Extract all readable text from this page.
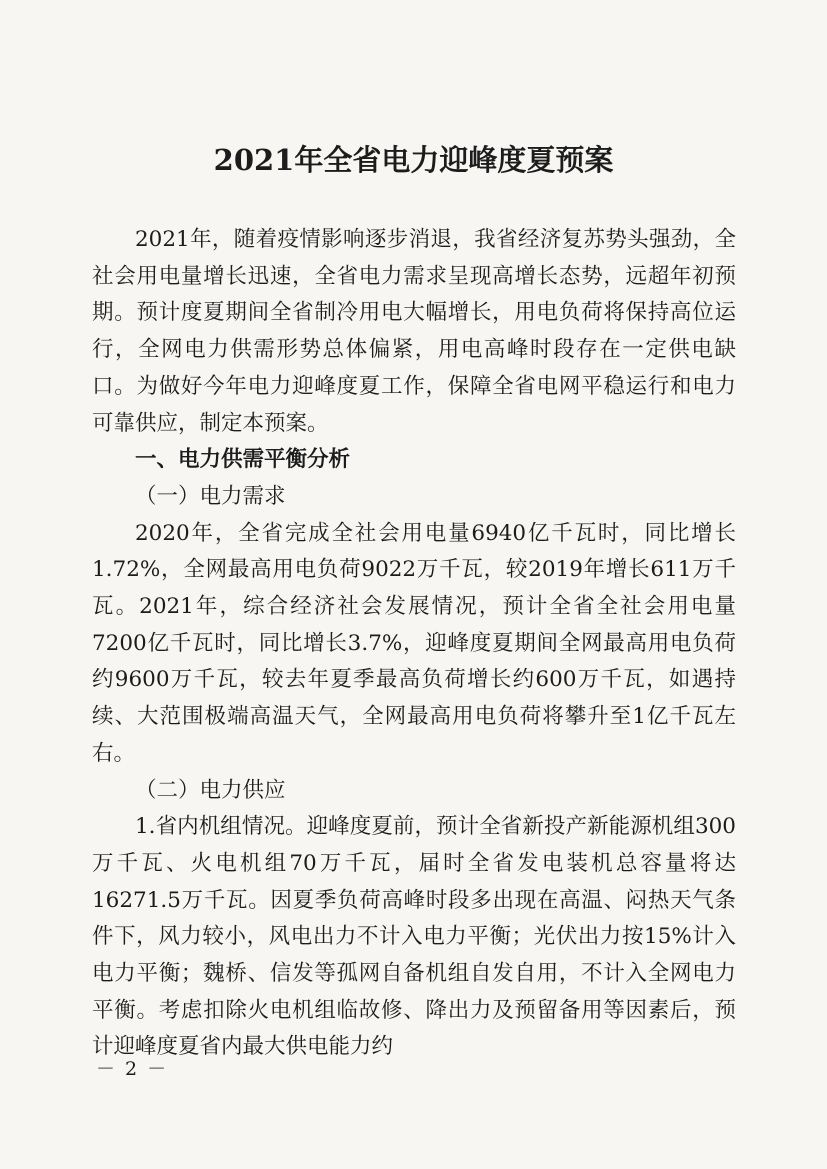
2021年全省电力迎峰度夏预案

2021年，随着疫情影响逐步消退，我省经济复苏势头强劲，全社会用电量增长迅速，全省电力需求呈现高增长态势，远超年初预期。预计度夏期间全省制冷用电大幅增长，用电负荷将保持高位运行，全网电力供需形势总体偏紧，用电高峰时段存在一定供电缺口。为做好今年电力迎峰度夏工作，保障全省电网平稳运行和电力可靠供应，制定本预案。

一、电力供需平衡分析

（一）电力需求

2020年，全省完成全社会用电量6940亿千瓦时，同比增长1.72%，全网最高用电负荷9022万千瓦，较2019年增长611万千瓦。2021年，综合经济社会发展情况，预计全省全社会用电量7200亿千瓦时，同比增长3.7%，迎峰度夏期间全网最高用电负荷约9600万千瓦，较去年夏季最高负荷增长约600万千瓦，如遇持续、大范围极端高温天气，全网最高用电负荷将攀升至1亿千瓦左右。

（二）电力供应

1.省内机组情况。迎峰度夏前，预计全省新投产新能源机组300万千瓦、火电机组70万千瓦，届时全省发电装机总容量将达16271.5万千瓦。因夏季负荷高峰时段多出现在高温、闷热天气条件下，风力较小，风电出力不计入电力平衡；光伏出力按15%计入电力平衡；魏桥、信发等孤网自备机组自发自用，不计入全网电力平衡。考虑扣除火电机组临故修、降出力及预留备用等因素后，预计迎峰度夏省内最大供电能力约

－ 2 －
